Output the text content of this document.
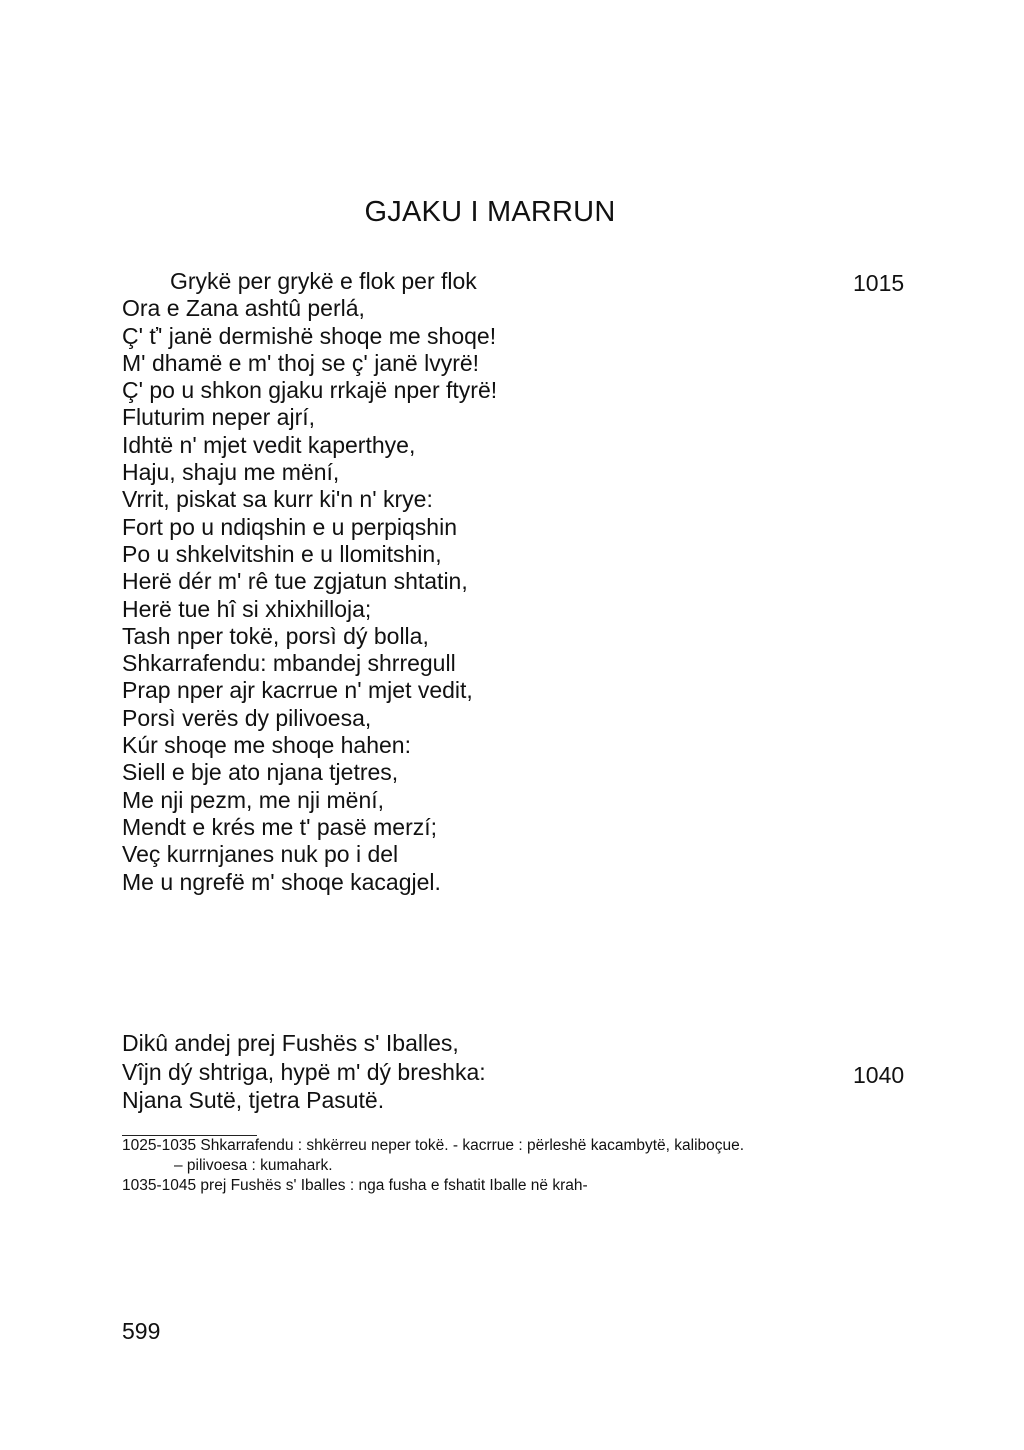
GJAKU I MARRUN
Grykë per grykë e flok per flok
Ora e Zana ashtû perlá,
Ç' ť' janë dermishë shoqe me shoqe!
M' dhamë e m' thoj se ç' janë lvyrë!
Ç' po u shkon gjaku rrkajë nper ftyrë!
Fluturim neper ajrí,
Idhtë n' mjet vedit kaperthye,
Haju, shaju me mëní,
Vrrit, piskat sa kurr ki'n n' krye:
Fort po u ndiqshin e u perpiqshin
Po u shkelvitshin e u llomitshin,
Herë dér m' rê tue zgjatun shtatin,
Herë tue hî si xhixhilloja;
Tash nper tokë, porsì dý bolla,
Shkarrafendu: mbandej shrregull
Prap nper ajr kacrrue n' mjet vedit,
Porsì verës dy pilivoesa,
Kúr shoqe me shoqe hahen:
Siell e bje ato njana tjetres,
Me nji pezm, me nji mëní,
Mendt e krés me t' pasë merzí;
Veç kurrnjanes nuk po i del
Me u ngrefë m' shoqe kacagjel.
1015
Dikû andej prej Fushës s' Iballes,
Vîjn dý shtriga, hypë m' dý breshka:
Njana Sutë, tjetra Pasutë.
1040
1025-1035 Shkarrafendu : shkërreu neper tokë. - kacrrue : përleshë kacambytë, kaliboçue.
– pilivoesa : kumahark.
1035-1045 prej Fushës s' Iballes : nga fusha e fshatit Iballe në krah-
599
